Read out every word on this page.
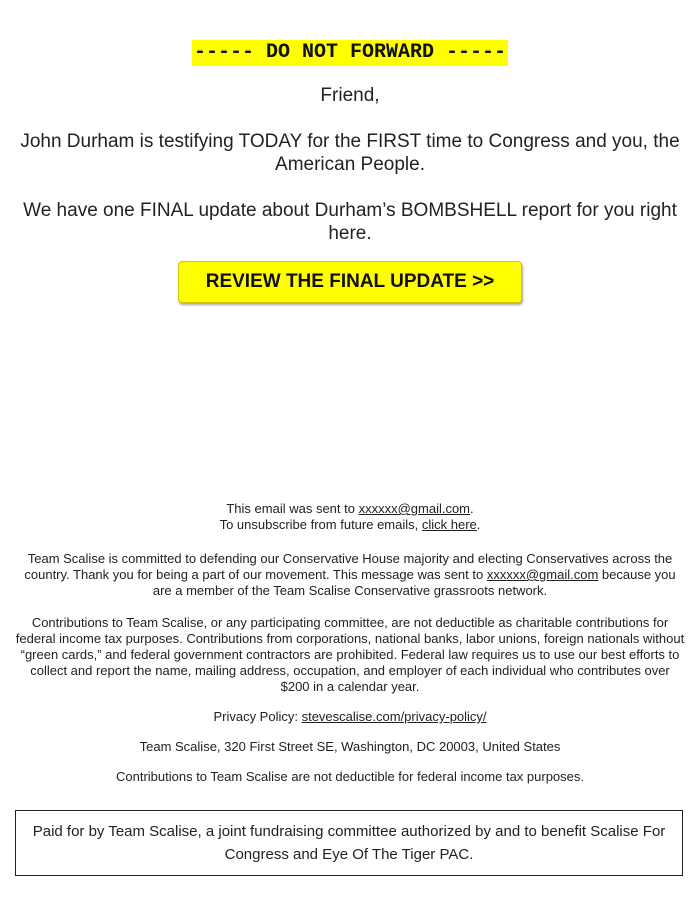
----- DO NOT FORWARD -----

Friend,

John Durham is testifying TODAY for the FIRST time to Congress and you, the American People.

We have one FINAL update about Durham’s BOMBSHELL report for you right here.

REVIEW THE FINAL UPDATE >>

This email was sent to xxxxxx@gmail.com.
To unsubscribe from future emails, click here.

Team Scalise is committed to defending our Conservative House majority and electing Conservatives across the country. Thank you for being a part of our movement. This message was sent to xxxxxx@gmail.com because you are a member of the Team Scalise Conservative grassroots network.

Contributions to Team Scalise, or any participating committee, are not deductible as charitable contributions for federal income tax purposes. Contributions from corporations, national banks, labor unions, foreign nationals without “green cards,” and federal government contractors are prohibited. Federal law requires us to use our best efforts to collect and report the name, mailing address, occupation, and employer of each individual who contributes over $200 in a calendar year.

Privacy Policy: stevescalise.com/privacy-policy/

Team Scalise, 320 First Street SE, Washington, DC 20003, United States

Contributions to Team Scalise are not deductible for federal income tax purposes.

Paid for by Team Scalise, a joint fundraising committee authorized by and to benefit Scalise For Congress and Eye Of The Tiger PAC.
